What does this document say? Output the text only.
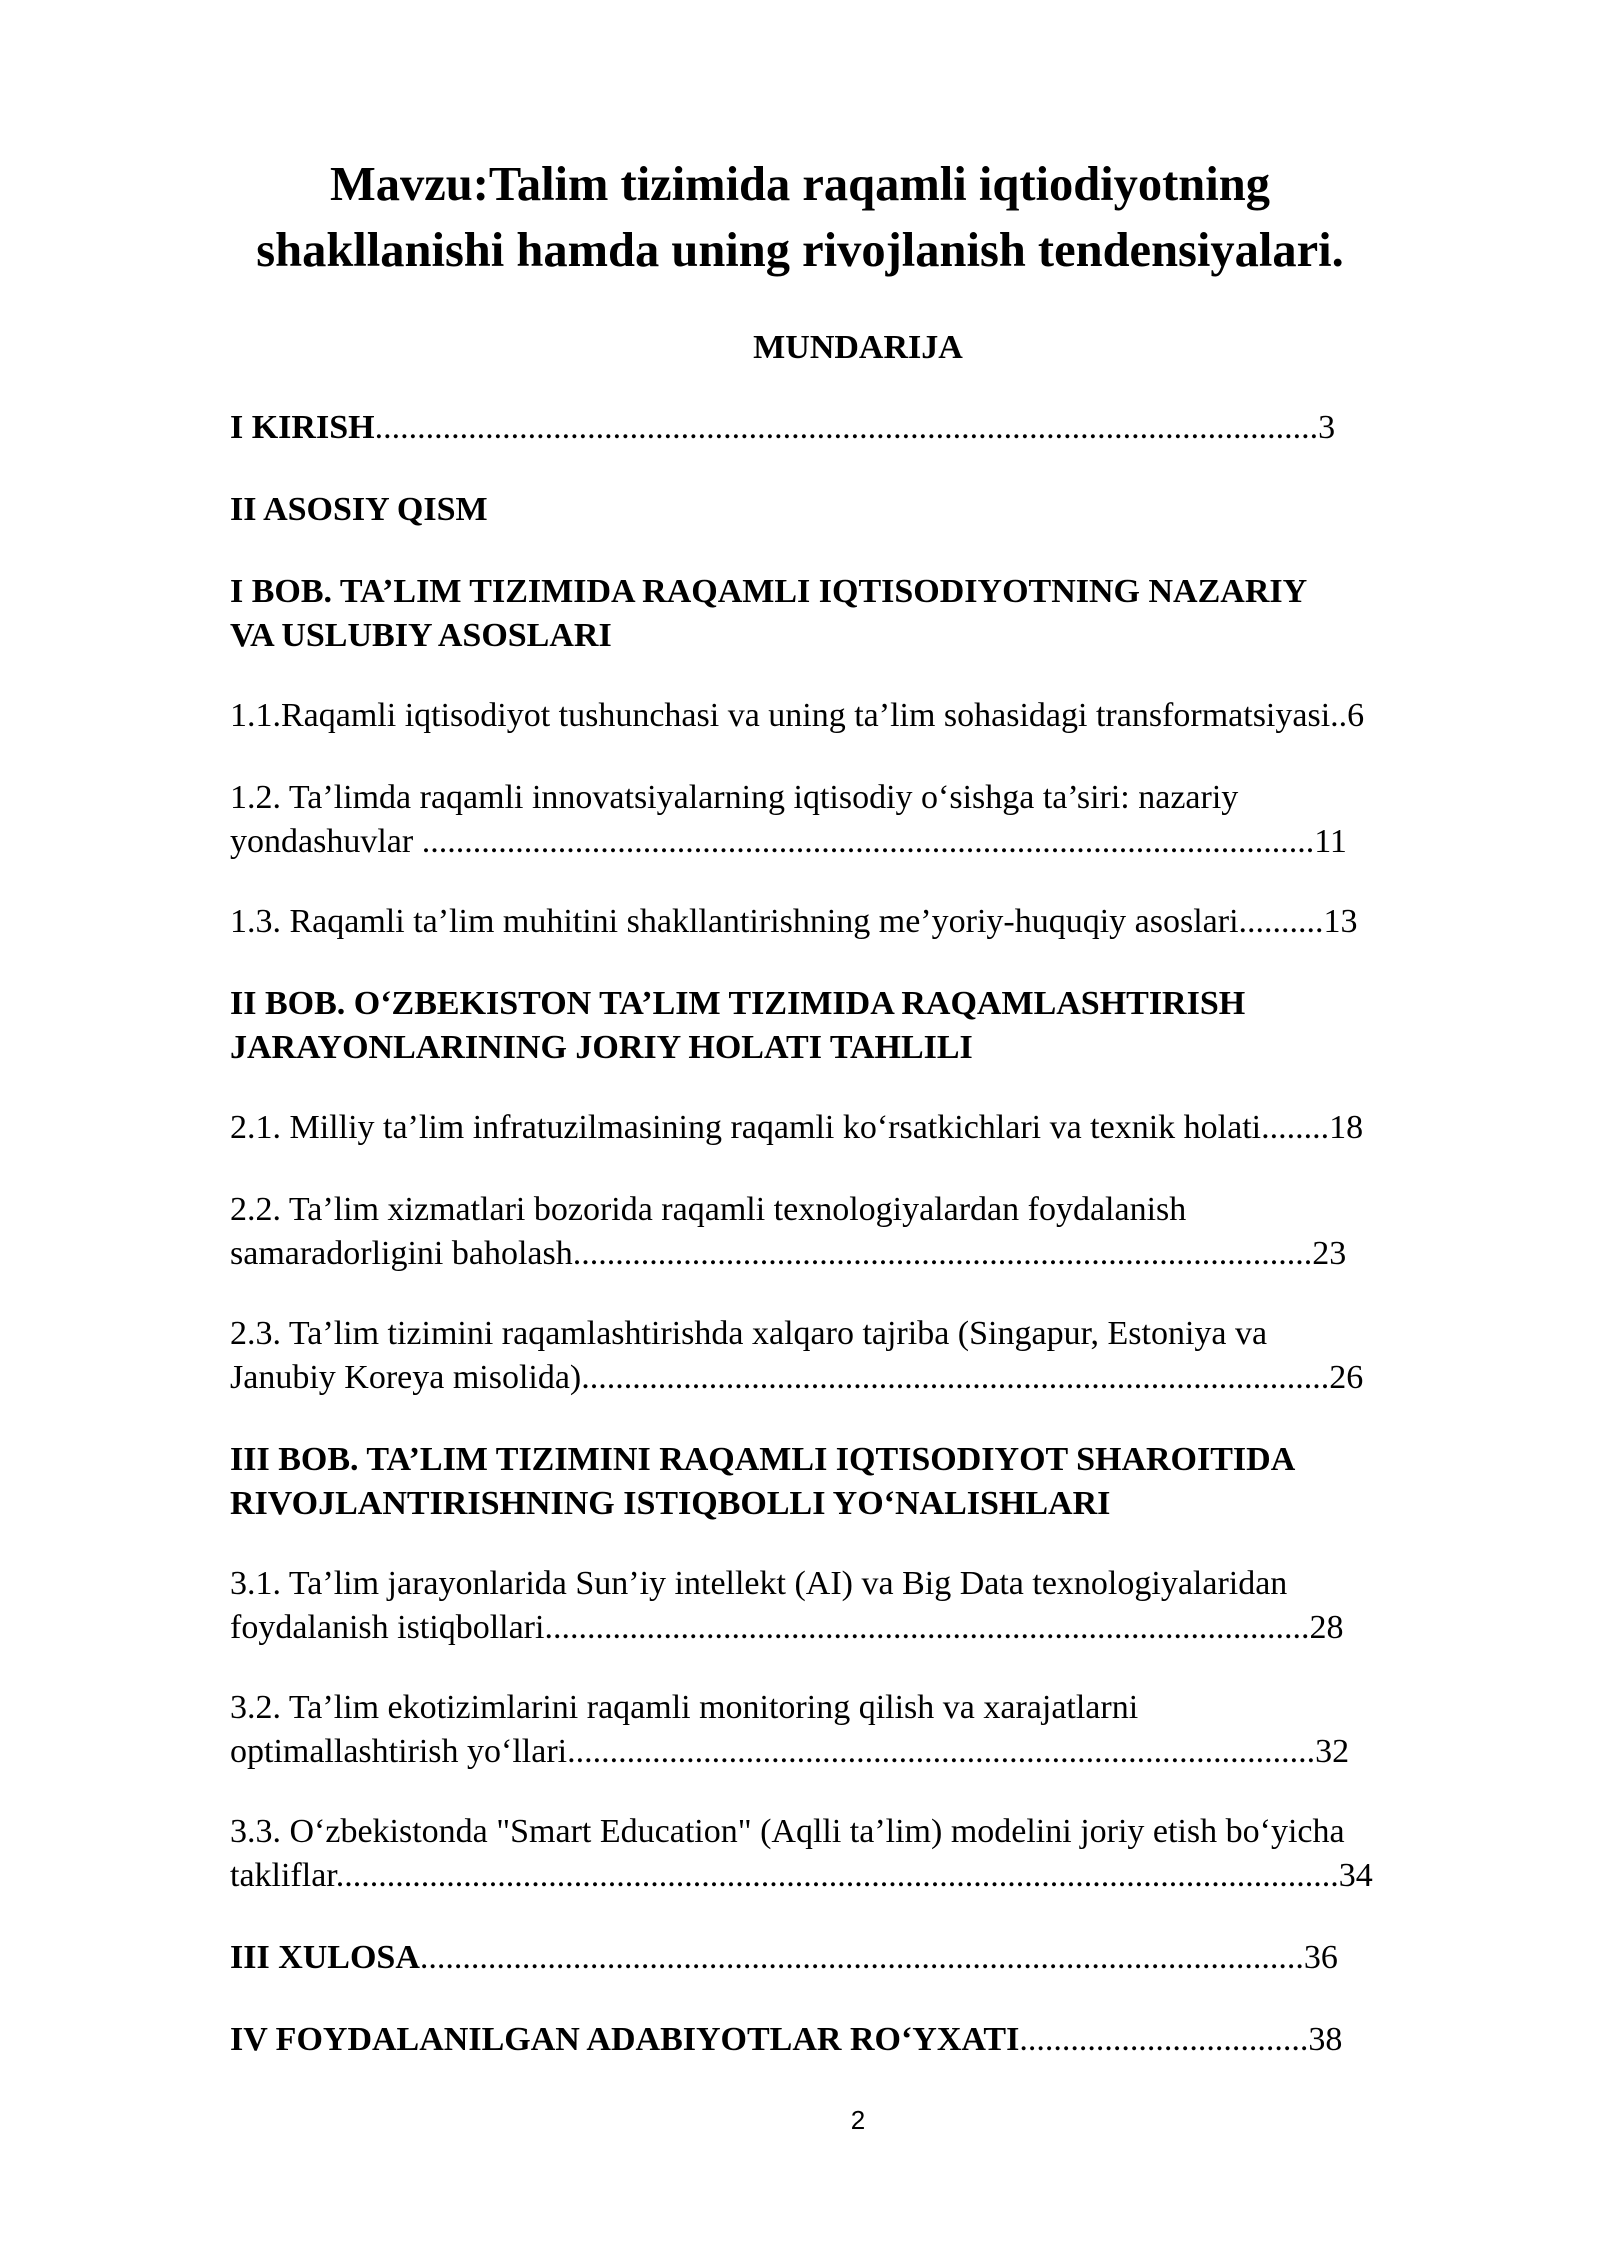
Mavzu:Talim tizimida raqamli iqtiodiyotning
shakllanishi hamda uning rivojlanish tendensiyalari.
MUNDARIJA
I KIRISH...............................................................................................................3
II ASOSIY QISM
I BOB. TA’LIM TIZIMIDA RAQAMLI IQTISODIYOTNING NAZARIY
VA USLUBIY ASOSLARI
1.1.Raqamli iqtisodiyot tushunchasi va uning ta’lim sohasidagi transformatsiyasi..6
1.2. Ta’limda raqamli innovatsiyalarning iqtisodiy o‘sishga ta’siri: nazariy
yondashuvlar .........................................................................................................11
1.3. Raqamli ta’lim muhitini shakllantirishning me’yoriy-huquqiy asoslari..........13
II BOB. O‘ZBEKISTON TA’LIM TIZIMIDA RAQAMLASHTIRISH
JARAYONLARINING JORIY HOLATI TAHLILI
2.1. Milliy ta’lim infratuzilmasining raqamli ko‘rsatkichlari va texnik holati........18
2.2. Ta’lim xizmatlari bozorida raqamli texnologiyalardan foydalanish
samaradorligini baholash.......................................................................................23
2.3. Ta’lim tizimini raqamlashtirishda xalqaro tajriba (Singapur, Estoniya va
Janubiy Koreya misolida)........................................................................................26
III BOB. TA’LIM TIZIMINI RAQAMLI IQTISODIYOT SHAROITIDA
RIVOJLANTIRISHNING ISTIQBOLLI YO‘NALISHLARI
3.1. Ta’lim jarayonlarida Sun’iy intellekt (AI) va Big Data texnologiyalaridan
foydalanish istiqbollari..........................................................................................28
3.2. Ta’lim ekotizimlarini raqamli monitoring qilish va xarajatlarni
optimallashtirish yo‘llari........................................................................................32
3.3. O‘zbekistonda "Smart Education" (Aqlli ta’lim) modelini joriy etish bo‘yicha
takliflar......................................................................................................................34
III XULOSA........................................................................................................36
IV FOYDALANILGAN ADABIYOTLAR RO‘YXATI..................................38
2
